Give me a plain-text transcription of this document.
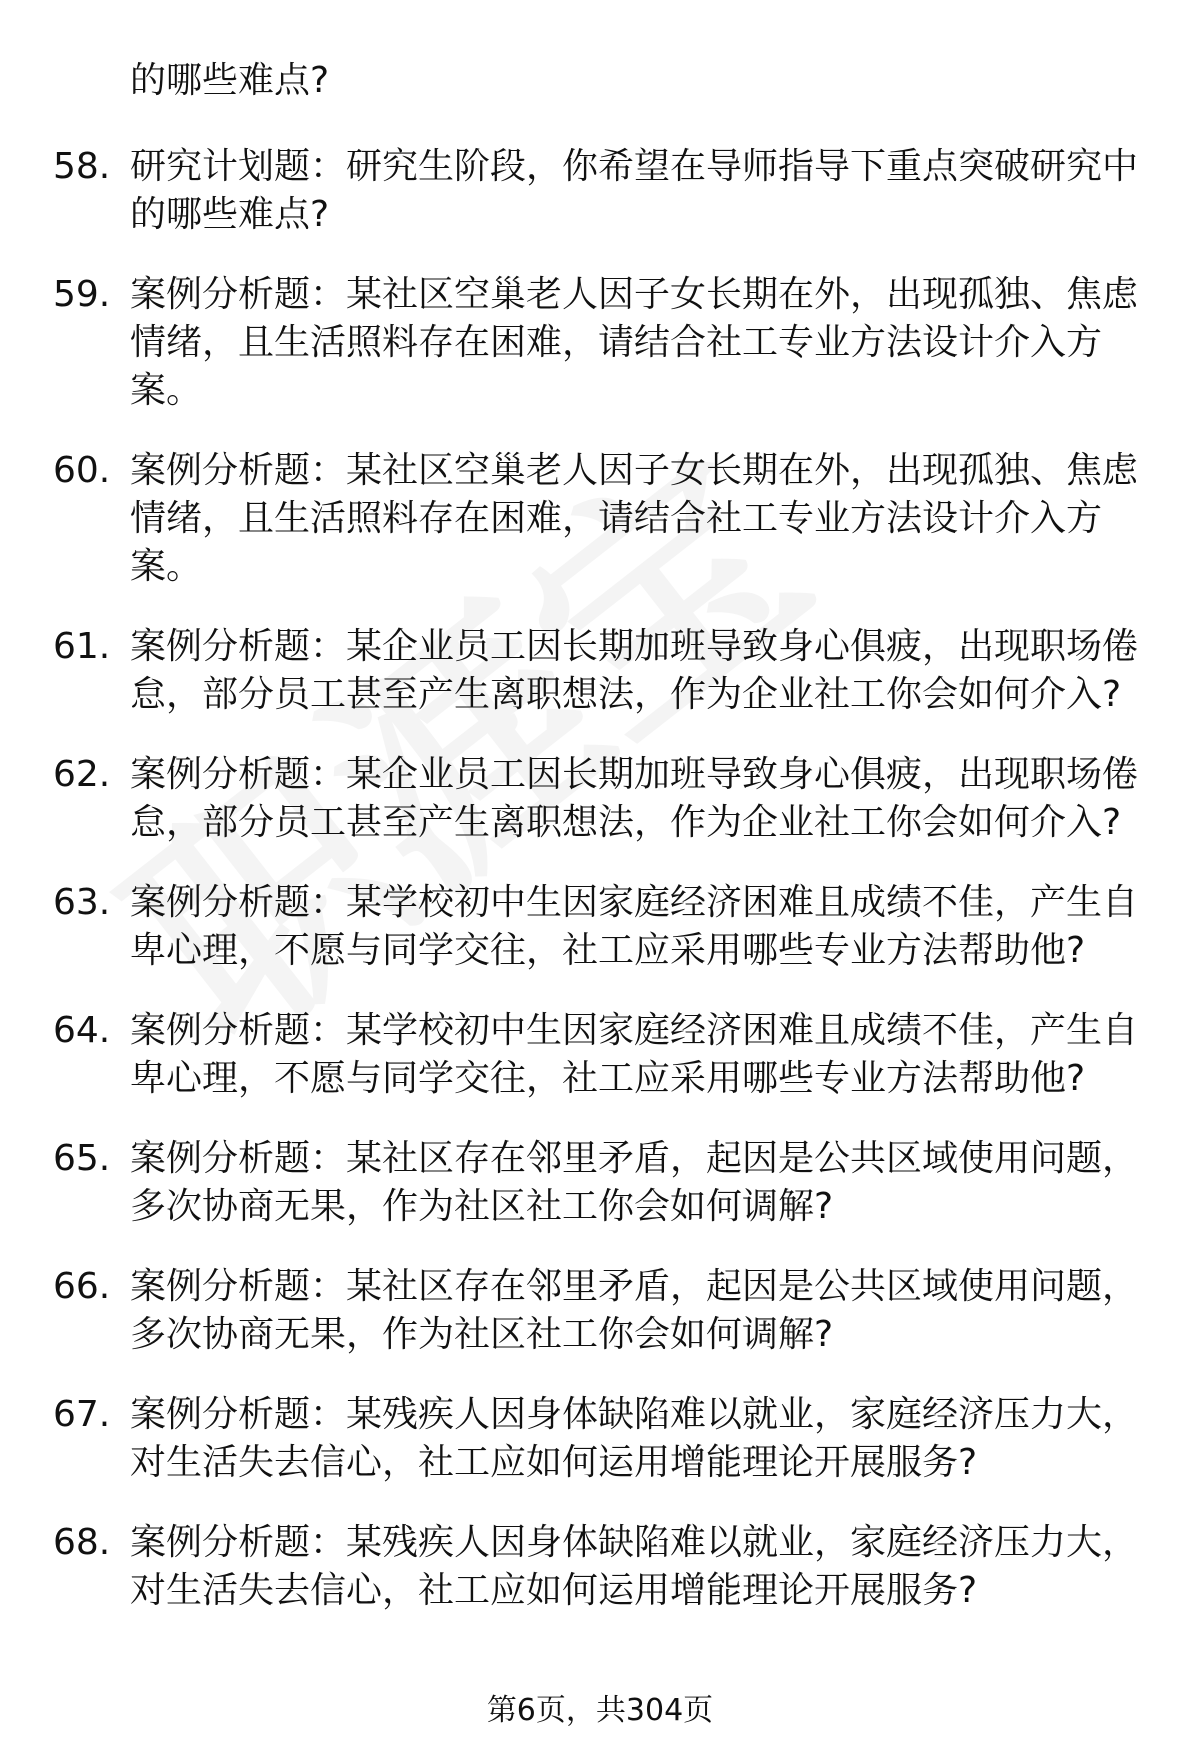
的哪些难点?
58. 研究计划题：研究生阶段，你希望在导师指导下重点突破研究中
的哪些难点?
59. 案例分析题：某社区空巢老人因子女长期在外，出现孤独、焦虑
情绪，且生活照料存在困难，请结合社工专业方法设计介入方
案。
60. 案例分析题：某社区空巢老人因子女长期在外，出现孤独、焦虑
情绪，且生活照料存在困难，请结合社工专业方法设计介入方
案。
61. 案例分析题：某企业员工因长期加班导致身心俱疲，出现职场倦
怠，部分员工甚至产生离职想法，作为企业社工你会如何介入?
62. 案例分析题：某企业员工因长期加班导致身心俱疲，出现职场倦
怠，部分员工甚至产生离职想法，作为企业社工你会如何介入?
63. 案例分析题：某学校初中生因家庭经济困难且成绩不佳，产生自
卑心理，不愿与同学交往，社工应采用哪些专业方法帮助他?
64. 案例分析题：某学校初中生因家庭经济困难且成绩不佳，产生自
卑心理，不愿与同学交往，社工应采用哪些专业方法帮助他?
65. 案例分析题：某社区存在邻里矛盾，起因是公共区域使用问题，
多次协商无果，作为社区社工你会如何调解?
66. 案例分析题：某社区存在邻里矛盾，起因是公共区域使用问题，
多次协商无果，作为社区社工你会如何调解?
67. 案例分析题：某残疾人因身体缺陷难以就业，家庭经济压力大，
对生活失去信心，社工应如何运用增能理论开展服务?
68. 案例分析题：某残疾人因身体缺陷难以就业，家庭经济压力大，
对生活失去信心，社工应如何运用增能理论开展服务?
第6页，共304页
